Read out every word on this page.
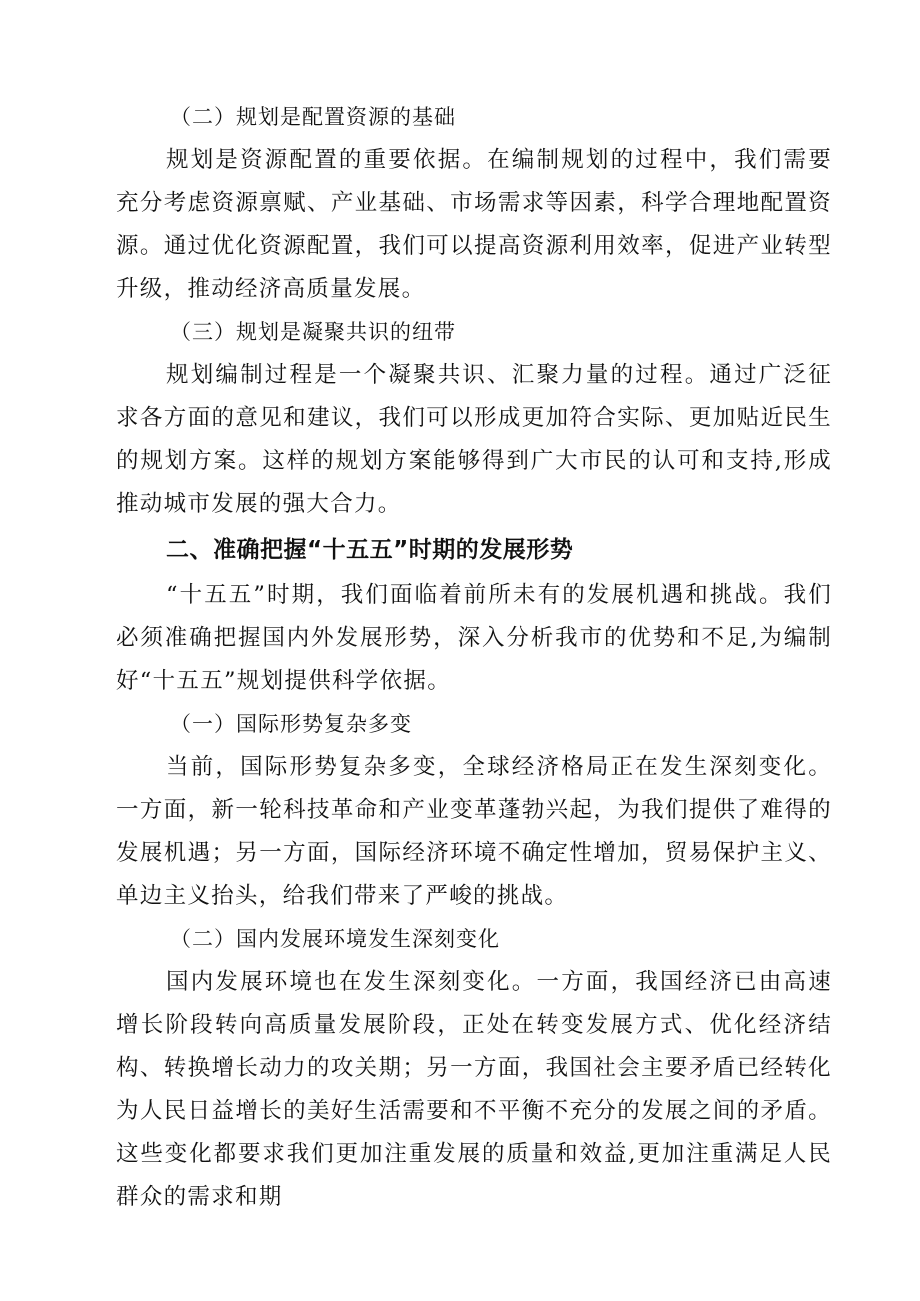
（二）规划是配置资源的基础

规划是资源配置的重要依据。在编制规划的过程中，我们需要充分考虑资源禀赋、产业基础、市场需求等因素，科学合理地配置资源。通过优化资源配置，我们可以提高资源利用效率，促进产业转型升级，推动经济高质量发展。

（三）规划是凝聚共识的纽带

规划编制过程是一个凝聚共识、汇聚力量的过程。通过广泛征求各方面的意见和建议，我们可以形成更加符合实际、更加贴近民生的规划方案。这样的规划方案能够得到广大市民的认可和支持,形成推动城市发展的强大合力。

二、准确把握“十五五”时期的发展形势

“十五五”时期，我们面临着前所未有的发展机遇和挑战。我们必须准确把握国内外发展形势，深入分析我市的优势和不足,为编制好“十五五”规划提供科学依据。

（一）国际形势复杂多变

当前，国际形势复杂多变，全球经济格局正在发生深刻变化。一方面，新一轮科技革命和产业变革蓬勃兴起，为我们提供了难得的发展机遇；另一方面，国际经济环境不确定性增加，贸易保护主义、单边主义抬头，给我们带来了严峻的挑战。

（二）国内发展环境发生深刻变化

国内发展环境也在发生深刻变化。一方面，我国经济已由高速增长阶段转向高质量发展阶段，正处在转变发展方式、优化经济结构、转换增长动力的攻关期；另一方面，我国社会主要矛盾已经转化为人民日益增长的美好生活需要和不平衡不充分的发展之间的矛盾。这些变化都要求我们更加注重发展的质量和效益,更加注重满足人民群众的需求和期
